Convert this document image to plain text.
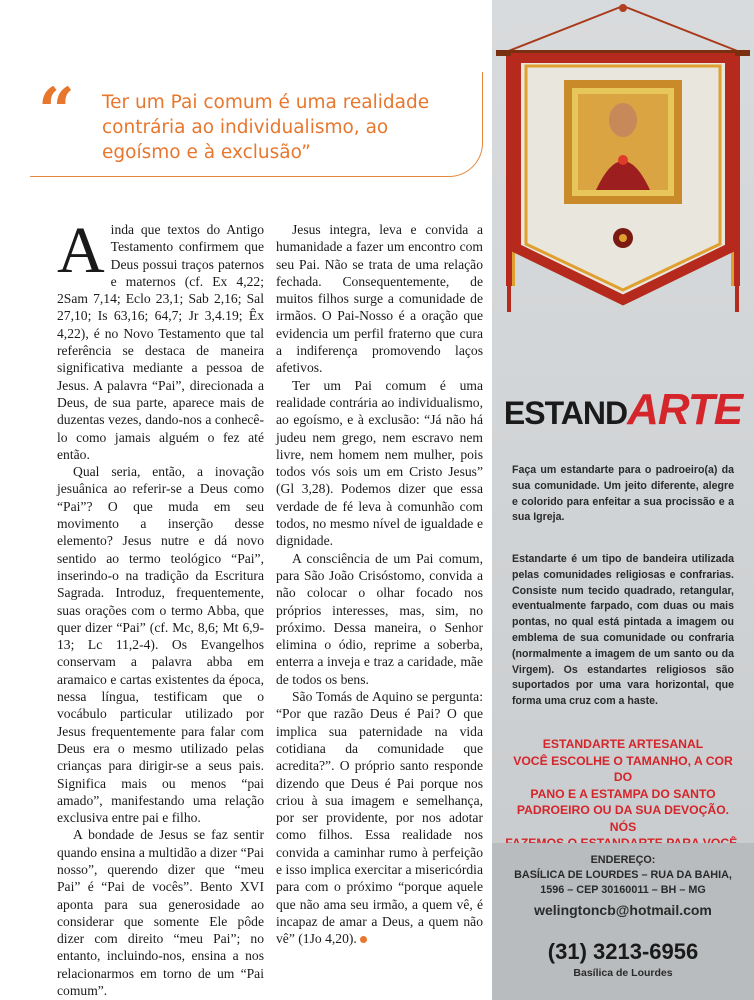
“ Ter um Pai comum é uma realidade
contrária ao individualismo, ao
egoísmo e à exclusão”

Ainda que textos do Antigo Testamento confirmem que Deus possui traços paternos e maternos (cf. Ex 4,22; 2Sam 7,14; Eclo 23,1; Sab 2,16; Sal 27,10; Is 63,16; 64,7; Jr 3,4.19; Êx 4,22), é no Novo Testamento que tal referência se destaca de maneira significativa mediante a pessoa de Jesus. A palavra “Pai”, direcionada a Deus, de sua parte, aparece mais de duzentas vezes, dando-nos a conhecê-lo como jamais alguém o fez até então.

Qual seria, então, a inovação jesuânica ao referir-se a Deus como “Pai”? O que muda em seu movimento a inserção desse elemento? Jesus nutre e dá novo sentido ao termo teológico “Pai”, inserindo-o na tradição da Escritura Sagrada. Introduz, frequentemente, suas orações com o termo Abba, que quer dizer “Pai” (cf. Mc, 8,6; Mt 6,9-13; Lc 11,2-4). Os Evangelhos conservam a palavra abba em aramaico e cartas existentes da época, nessa língua, testificam que o vocábulo particular utilizado por Jesus frequentemente para falar com Deus era o mesmo utilizado pelas crianças para dirigir-se a seus pais. Significa mais ou menos “pai amado”, manifestando uma relação exclusiva entre pai e filho.

A bondade de Jesus se faz sentir quando ensina a multidão a dizer “Pai nosso”, querendo dizer que “meu Pai” é “Pai de vocês”. Bento XVI aponta para sua generosidade ao considerar que somente Ele pôde dizer com direito “meu Pai”; no entanto, incluindo-nos, ensina a nos relacionarmos em torno de um “Pai comum”.

Jesus integra, leva e convida a humanidade a fazer um encontro com seu Pai. Não se trata de uma relação fechada. Consequentemente, de muitos filhos surge a comunidade de irmãos. O Pai-Nosso é a oração que evidencia um perfil fraterno que cura a indiferença promovendo laços afetivos.

Ter um Pai comum é uma realidade contrária ao individualismo, ao egoísmo, e à exclusão: “Já não há judeu nem grego, nem escravo nem livre, nem homem nem mulher, pois todos vós sois um em Cristo Jesus” (Gl 3,28). Podemos dizer que essa verdade de fé leva à comunhão com todos, no mesmo nível de igualdade e dignidade.

A consciência de um Pai comum, para São João Crisóstomo, convida a não colocar o olhar focado nos próprios interesses, mas, sim, no próximo. Dessa maneira, o Senhor elimina o ódio, reprime a soberba, enterra a inveja e traz a caridade, mãe de todos os bens.

São Tomás de Aquino se pergunta: “Por que razão Deus é Pai? O que implica sua paternidade na vida cotidiana da comunidade que acredita?”. O próprio santo responde dizendo que Deus é Pai porque nos criou à sua imagem e semelhança, por ser providente, por nos adotar como filhos. Essa realidade nos convida a caminhar rumo à perfeição e isso implica exercitar a misericórdia para com o próximo “porque aquele que não ama seu irmão, a quem vê, é incapaz de amar a Deus, a quem não vê” (1Jo 4,20).

ESTANDARTE
Faça um estandarte para o padroeiro(a) da sua comunidade. Um jeito diferente, alegre e colorido para enfeitar a sua procissão e a sua Igreja.
Estandarte é um tipo de bandeira utilizada pelas comunidades religiosas e confrarias. Consiste num tecido quadrado, retangular, eventualmente farpado, com duas ou mais pontas, no qual está pintada a imagem ou emblema de sua comunidade ou confraria (normalmente a imagem de um santo ou da Virgem). Os estandartes religiosos são suportados por uma vara horizontal, que forma uma cruz com a haste.
ESTANDARTE ARTESANAL
VOCÊ ESCOLHE O TAMANHO, A COR DO
PANO E A ESTAMPA DO SANTO
PADROEIRO OU DA SUA DEVOÇÃO. NÓS
ENDEREÇO:
BASÍLICA DE LOURDES – RUA DA BAHIA,
1596 – CEP 30160011 – BH – MG
welingtoncb@hotmail.com
(31) 3213-6956
Basílica de Lourdes
